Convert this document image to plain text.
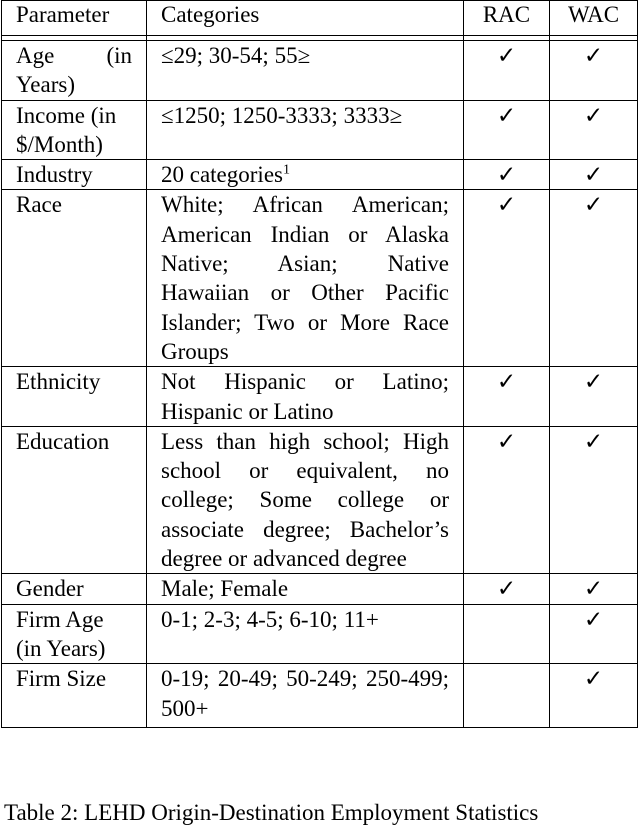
Parameter	Categories	RAC	WAC

Age (in Years)	≤29; 30-54; 55≥	✓	✓
Income (in $/Month)	≤1250; 1250-3333; 3333≥	✓	✓
Industry	20 categories$^1$	✓	✓
Race	White; African American; American Indian or Alaska Native; Asian; Native Hawaiian or Other Pacific Islander; Two or More Race Groups	✓	✓
Ethnicity	Not Hispanic or Latino; Hispanic or Latino	✓	✓
Education	Less than high school; High school or equivalent, no college; Some college or associate degree; Bachelor’s degree or advanced degree	✓	✓
Gender	Male; Female	✓	✓
Firm Age (in Years)	0-1; 2-3; 4-5; 6-10; 11+		✓
Firm Size	0-19; 20-49; 50-249; 250-499; 500+		✓
Table 2: LEHD Origin-Destination Employment Statistics
